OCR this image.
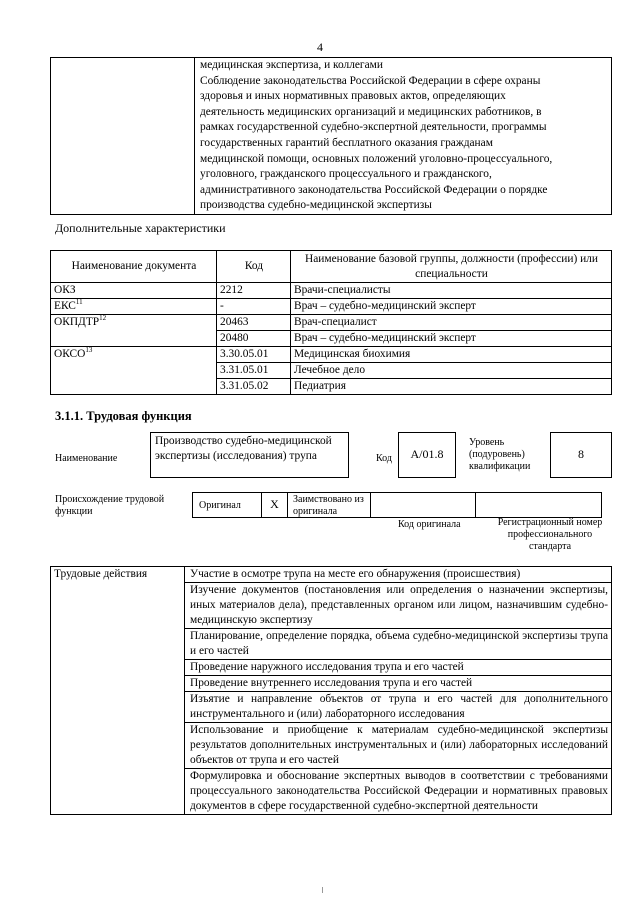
4

медицинская экспертиза, и коллегами
Соблюдение законодательства Российской Федерации в сфере охраны
здоровья и иных нормативных правовых актов, определяющих
деятельность медицинских организаций и медицинских работников, в
рамках государственной судебно-экспертной деятельности, программы
государственных гарантий бесплатного оказания гражданам
медицинской помощи, основных положений уголовно-процессуального,
уголовного, гражданского процессуального и гражданского,
административного законодательства Российской Федерации о порядке
производства судебно-медицинской экспертизы
Дополнительные характеристики
Наименование документа	Код	Наименование базовой группы, должности (профессии) или специальности
ОКЗ	2212	Врачи-специалисты
ЕКС$^{11}$	-	Врач – судебно-медицинский эксперт
ОКПДТР$^{12}$	20463	Врач-специалист
	20480	Врач – судебно-медицинский эксперт
ОКСО$^{13}$	3.30.05.01	Медицинская биохимия
	3.31.05.01	Лечебное дело
	3.31.05.02	Педиатрия
3.1.1. Трудовая функция
Наименование
Производство судебно-медицинской экспертизы (исследования) трупа	Код	A/01.8
Уровень (подуровень) квалификации
8
Происхождение трудовой функции
Оригинал	X	Заимствовано из оригинала
Код оригинала	Регистрационный номер профессионального стандарта
Трудовые действия	Участие в осмотре трупа на месте его обнаружения (происшествия)
Изучение документов (постановления или определения о назначении экспертизы, иных материалов дела), представленных органом или лицом, назначившим судебно-медицинскую экспертизу
Планирование, определение порядка, объема судебно-медицинской экспертизы трупа и его частей
Проведение наружного исследования трупа и его частей
Проведение внутреннего исследования трупа и его частей
Изъятие и направление объектов от трупа и его частей для дополнительного инструментального и (или) лабораторного исследования
Использование и приобщение к материалам судебно-медицинской экспертизы результатов дополнительных инструментальных и (или) лабораторных исследований объектов от трупа и его частей
Формулировка и обоснование экспертных выводов в соответствии с требованиями процессуального законодательства Российской Федерации и нормативных правовых документов в сфере государственной судебно-экспертной деятельности
